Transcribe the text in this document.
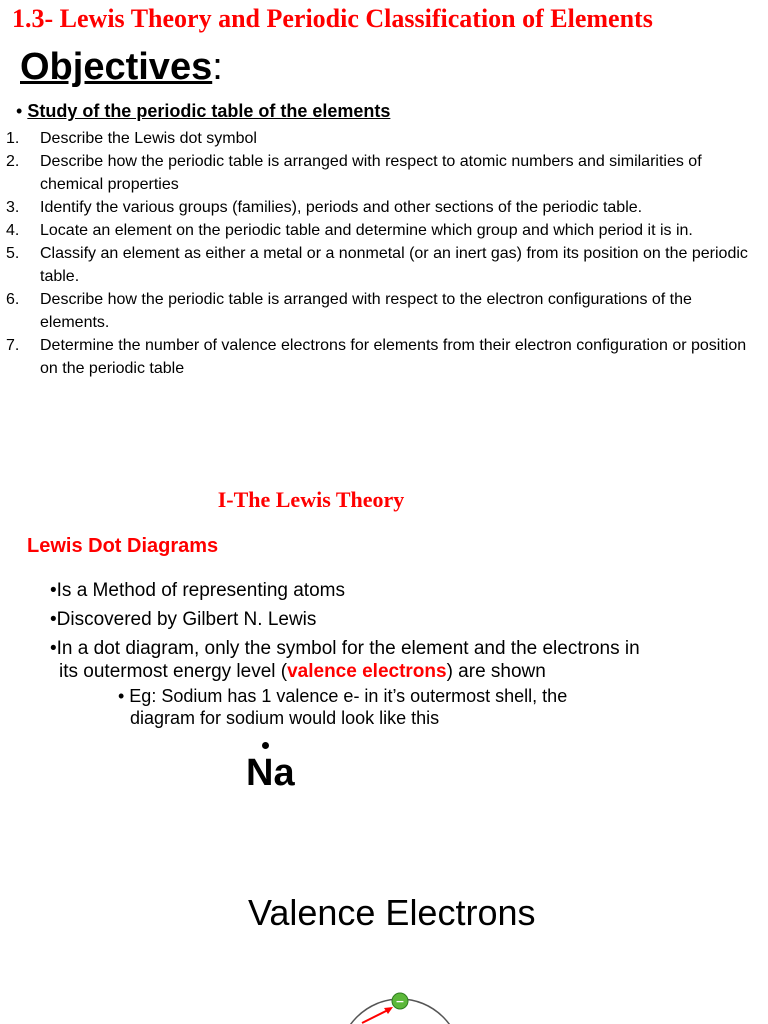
1.3- Lewis Theory and Periodic Classification of Elements
Objectives:
• Study of the periodic table of the elements
1. Describe the Lewis dot symbol
2. Describe how the periodic table is arranged with respect to atomic numbers and similarities of chemical properties
3. Identify the various groups (families), periods and other sections of the periodic table.
4. Locate an element on the periodic table and determine which group and which period it is in.
5. Classify an element as either a metal or a nonmetal (or an inert gas) from its position on the periodic table.
6. Describe how the periodic table is arranged with respect to the electron configurations of the elements.
7. Determine the number of valence electrons for elements from their electron configuration or position on the periodic table
I-The Lewis Theory
Lewis Dot Diagrams
•Is a Method of representing atoms
•Discovered by Gilbert N. Lewis
•In a dot diagram, only the symbol for the element and the electrons in
its outermost energy level (valence electrons) are shown
• Eg: Sodium has 1 valence e- in it’s outermost shell, the
diagram for sodium would look like this
Na
Valence Electrons
−
